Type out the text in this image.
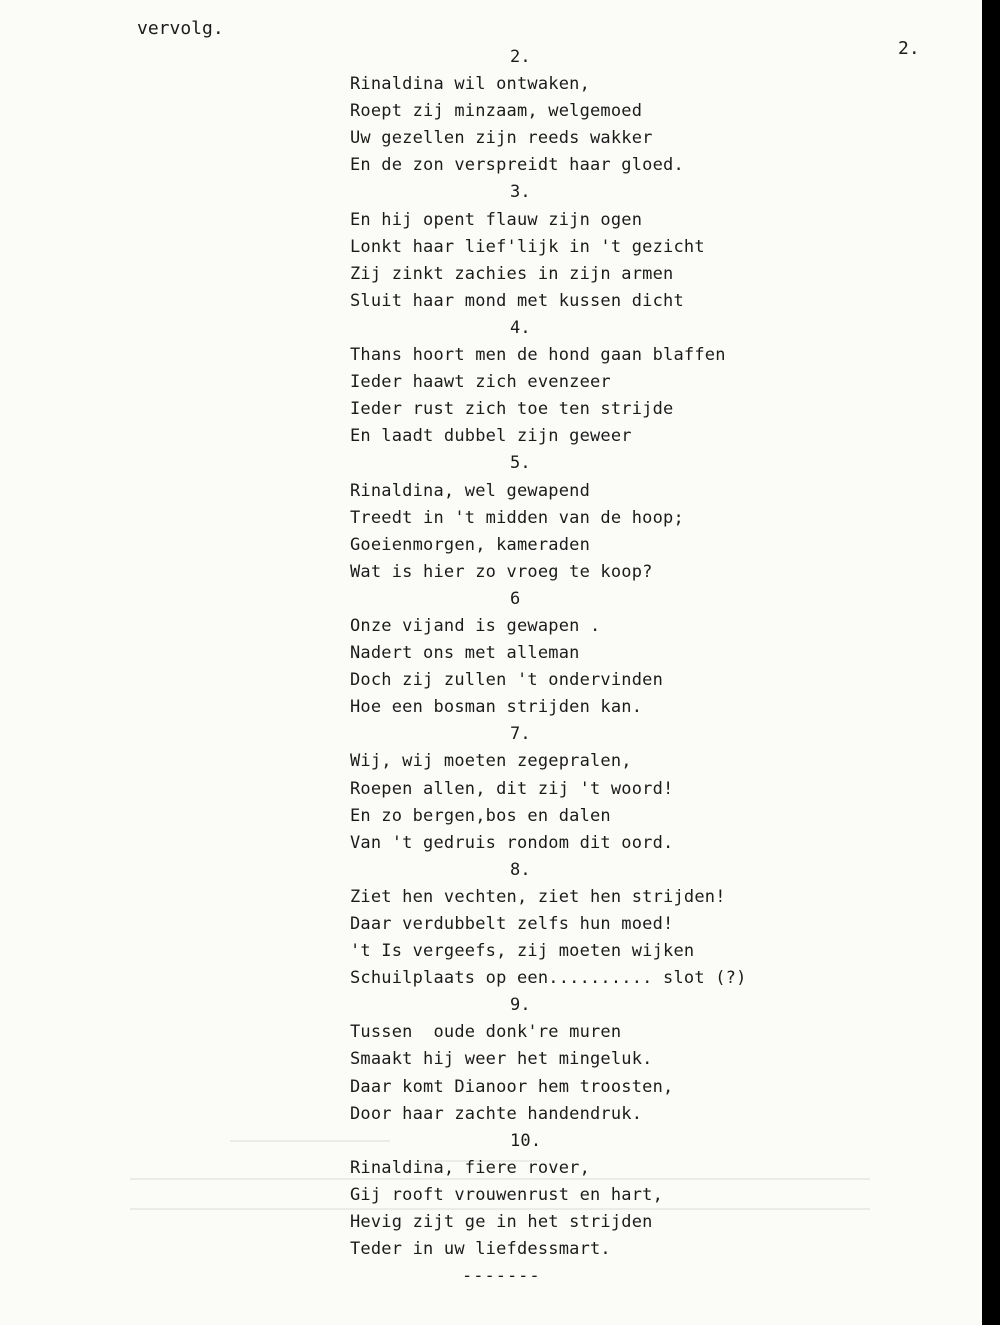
vervolg.
2.
2.
Rinaldina wil ontwaken,
Roept zij minzaam, welgemoed
Uw gezellen zijn reeds wakker
En de zon verspreidt haar gloed.
3.
En hij opent flauw zijn ogen
Lonkt haar lief'lijk in 't gezicht
Zij zinkt zachies in zijn armen
Sluit haar mond met kussen dicht
4.
Thans hoort men de hond gaan blaffen
Ieder haawt zich evenzeer
Ieder rust zich toe ten strijde
En laadt dubbel zijn geweer
5.
Rinaldina, wel gewapend
Treedt in 't midden van de hoop;
Goeienmorgen, kameraden
Wat is hier zo vroeg te koop?
6
Onze vijand is gewapen .
Nadert ons met alleman
Doch zij zullen 't ondervinden
Hoe een bosman strijden kan.
7.
Wij, wij moeten zegepralen,
Roepen allen, dit zij 't woord!
En zo bergen,bos en dalen
Van 't gedruis rondom dit oord.
8.
Ziet hen vechten, ziet hen strijden!
Daar verdubbelt zelfs hun moed!
't Is vergeefs, zij moeten wijken
Schuilplaats op een.......... slot (?)
9.
Tussen  oude donk're muren
Smaakt hij weer het mingeluk.
Daar komt Dianoor hem troosten,
Door haar zachte handendruk.
10.
Rinaldina, fiere rover,
Gij rooft vrouwenrust en hart,
Hevig zijt ge in het strijden
Teder in uw liefdessmart.
-------
